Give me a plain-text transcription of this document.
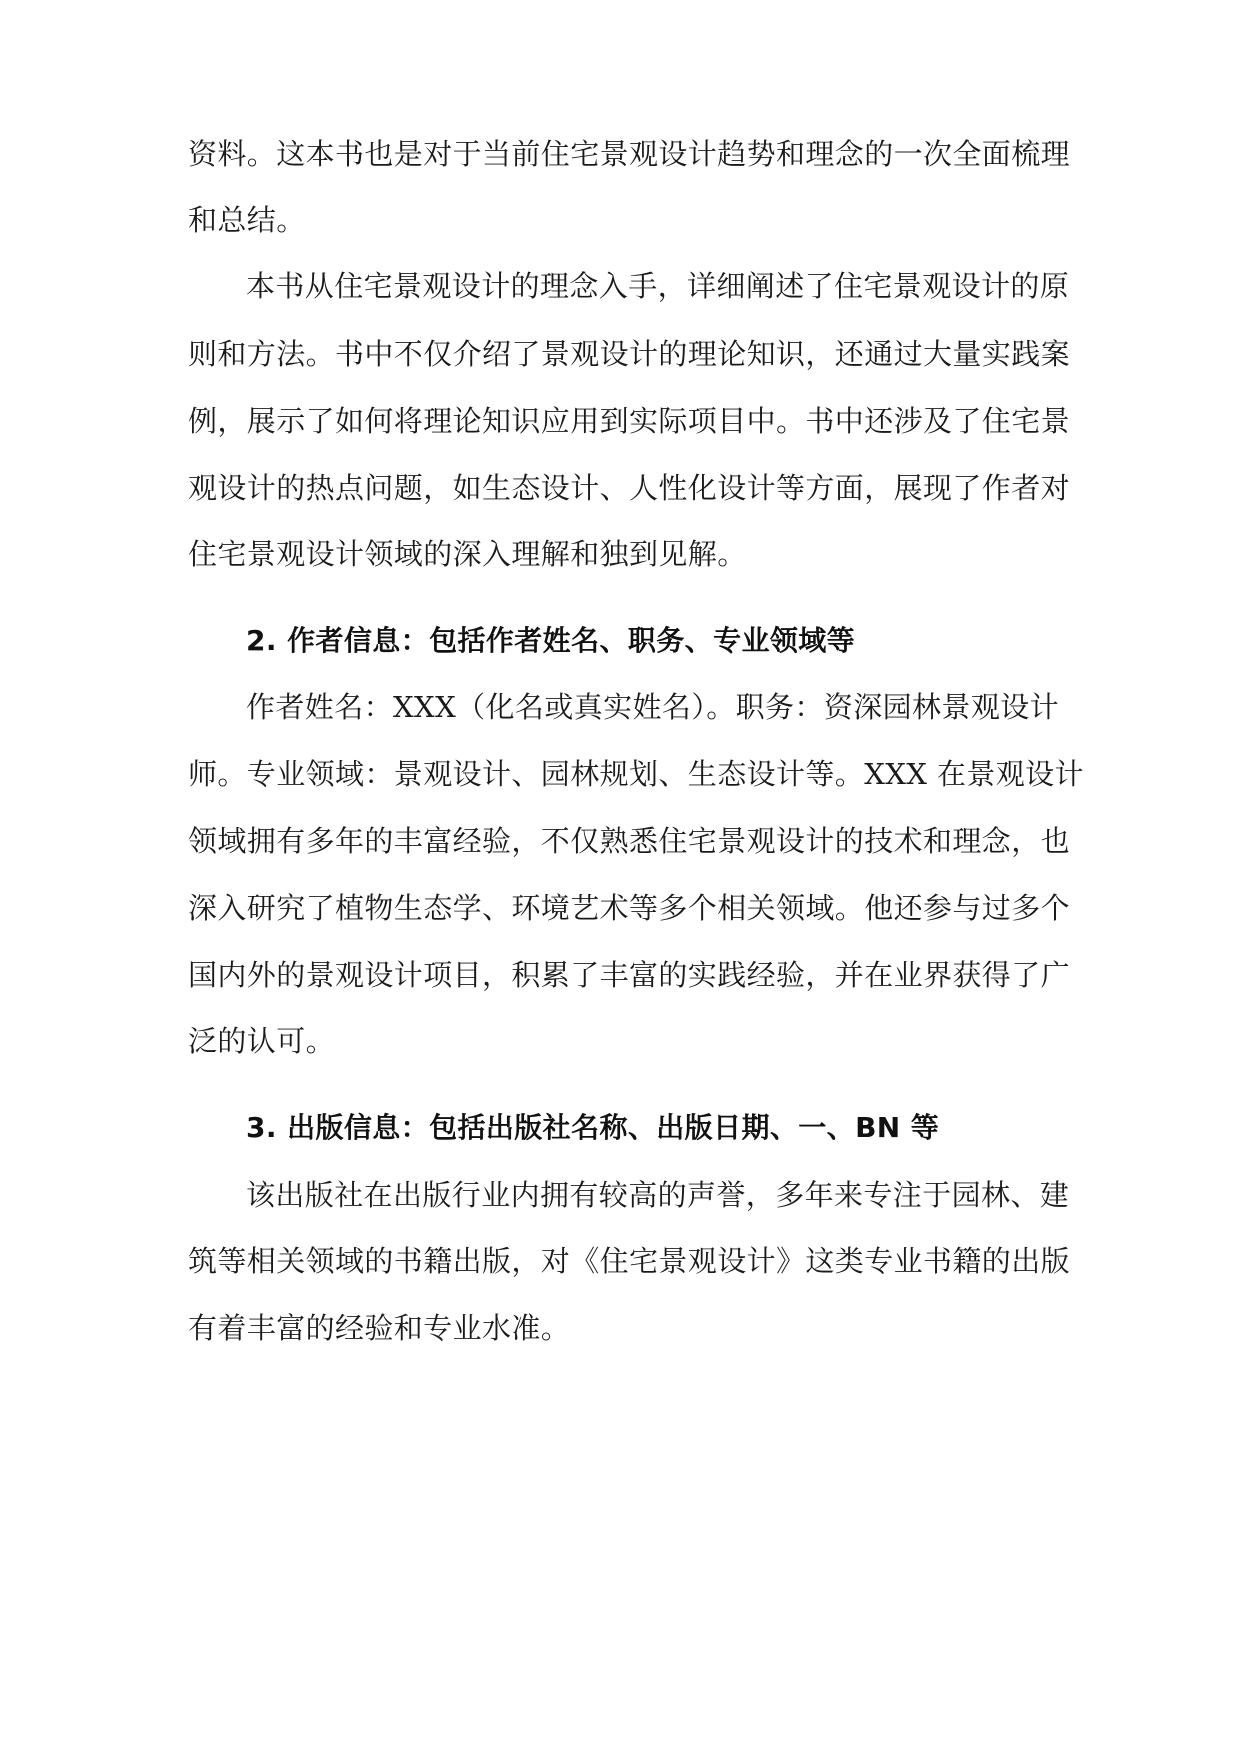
资料。这本书也是对于当前住宅景观设计趋势和理念的一次全面梳理

和总结。

本书从住宅景观设计的理念入手，详细阐述了住宅景观设计的原

则和方法。书中不仅介绍了景观设计的理论知识，还通过大量实践案

例，展示了如何将理论知识应用到实际项目中。书中还涉及了住宅景

观设计的热点问题，如生态设计、人性化设计等方面，展现了作者对

住宅景观设计领域的深入理解和独到见解。

2. 作者信息：包括作者姓名、职务、专业领域等

作者姓名：XXX（化名或真实姓名）。职务：资深园林景观设计

师。专业领域：景观设计、园林规划、生态设计等。XXX 在景观设计

领域拥有多年的丰富经验，不仅熟悉住宅景观设计的技术和理念，也

深入研究了植物生态学、环境艺术等多个相关领域。他还参与过多个

国内外的景观设计项目，积累了丰富的实践经验，并在业界获得了广

泛的认可。

3. 出版信息：包括出版社名称、出版日期、一、BN 等

该出版社在出版行业内拥有较高的声誉，多年来专注于园林、建

筑等相关领域的书籍出版，对《住宅景观设计》这类专业书籍的出版

有着丰富的经验和专业水准。
